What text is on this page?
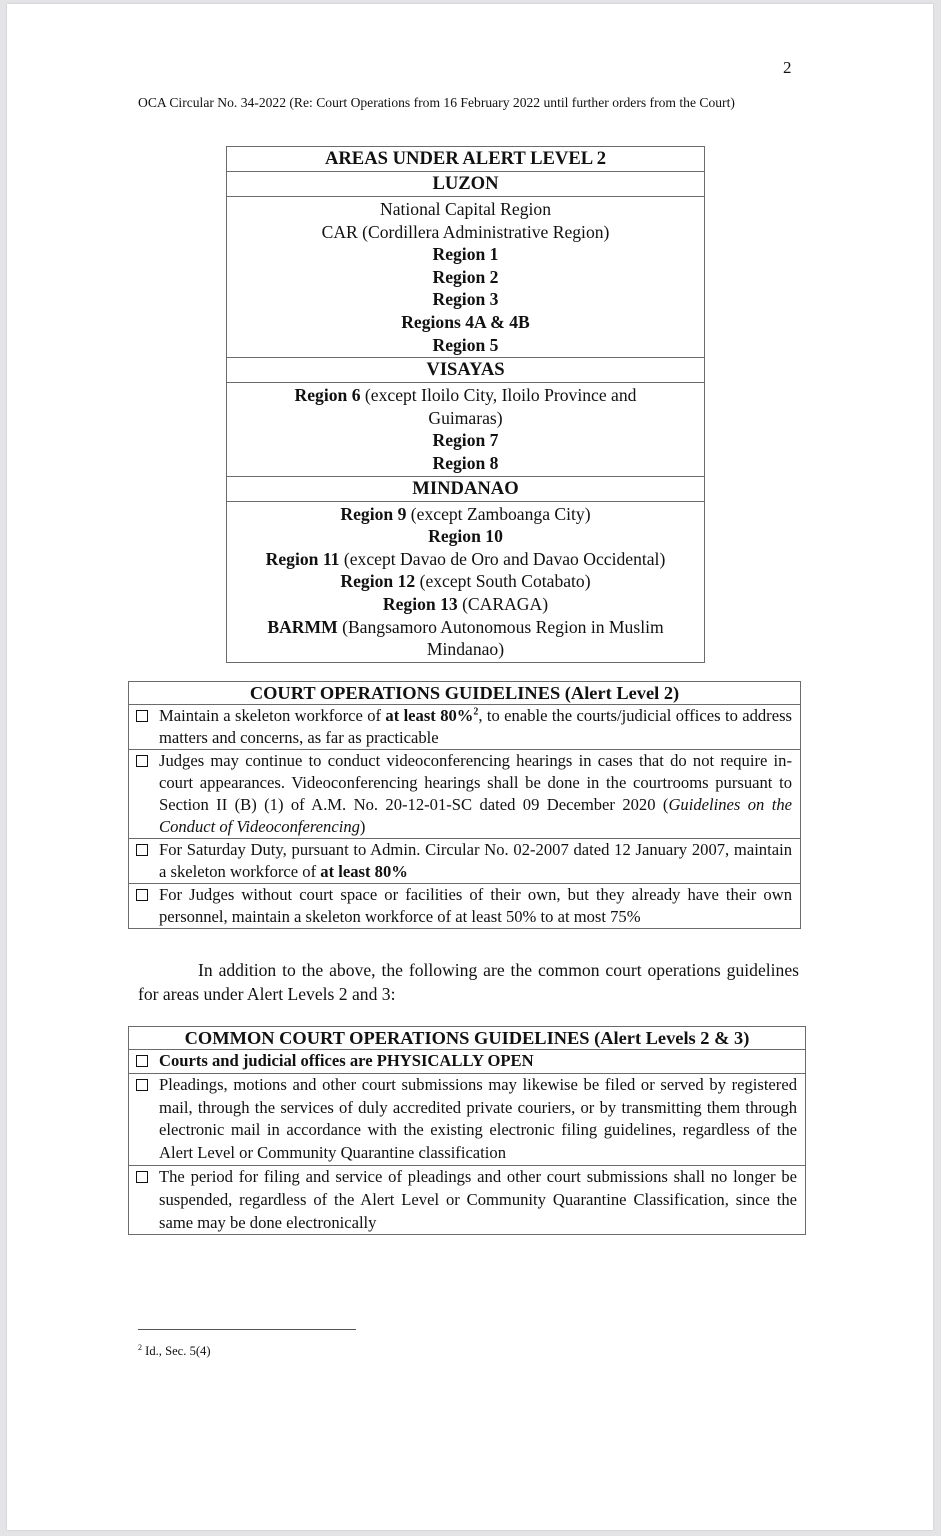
2
OCA Circular No. 34-2022 (Re: Court Operations from 16 February 2022 until further orders from the Court)
AREAS UNDER ALERT LEVEL 2
LUZON

National Capital Region
CAR (Cordillera Administrative Region)
Region 1
Region 2
Region 3
Regions 4A & 4B
Region 5

VISAYAS

Region 6 (except Iloilo City, Iloilo Province and Guimaras)
Region 7
Region 8

MINDANAO

Region 9 (except Zamboanga City)
Region 10
Region 11 (except Davao de Oro and Davao Occidental)
Region 12 (except South Cotabato)
Region 13 (CARAGA)
BARMM (Bangsamoro Autonomous Region in Muslim Mindanao)
COURT OPERATIONS GUIDELINES (Alert Level 2)

Maintain a skeleton workforce of at least 80%$^2$, to enable the courts/judicial offices to address matters and concerns, as far as practicable

Judges may continue to conduct videoconferencing hearings in cases that do not require in-court appearances. Videoconferencing hearings shall be done in the courtrooms pursuant to Section II (B) (1) of A.M. No. 20-12-01-SC dated 09 December 2020 (Guidelines on the Conduct of Videoconferencing)

For Saturday Duty, pursuant to Admin. Circular No. 02-2007 dated 12 January 2007, maintain a skeleton workforce of at least 80%

For Judges without court space or facilities of their own, but they already have their own personnel, maintain a skeleton workforce of at least 50% to at most 75%
In addition to the above, the following are the common court operations guidelines for areas under Alert Levels 2 and 3:
COMMON COURT OPERATIONS GUIDELINES (Alert Levels 2 & 3)

Courts and judicial offices are PHYSICALLY OPEN

Pleadings, motions and other court submissions may likewise be filed or served by registered mail, through the services of duly accredited private couriers, or by transmitting them through electronic mail in accordance with the existing electronic filing guidelines, regardless of the Alert Level or Community Quarantine classification

The period for filing and service of pleadings and other court submissions shall no longer be suspended, regardless of the Alert Level or Community Quarantine Classification, since the same may be done electronically
$^2$ Id., Sec. 5(4)
